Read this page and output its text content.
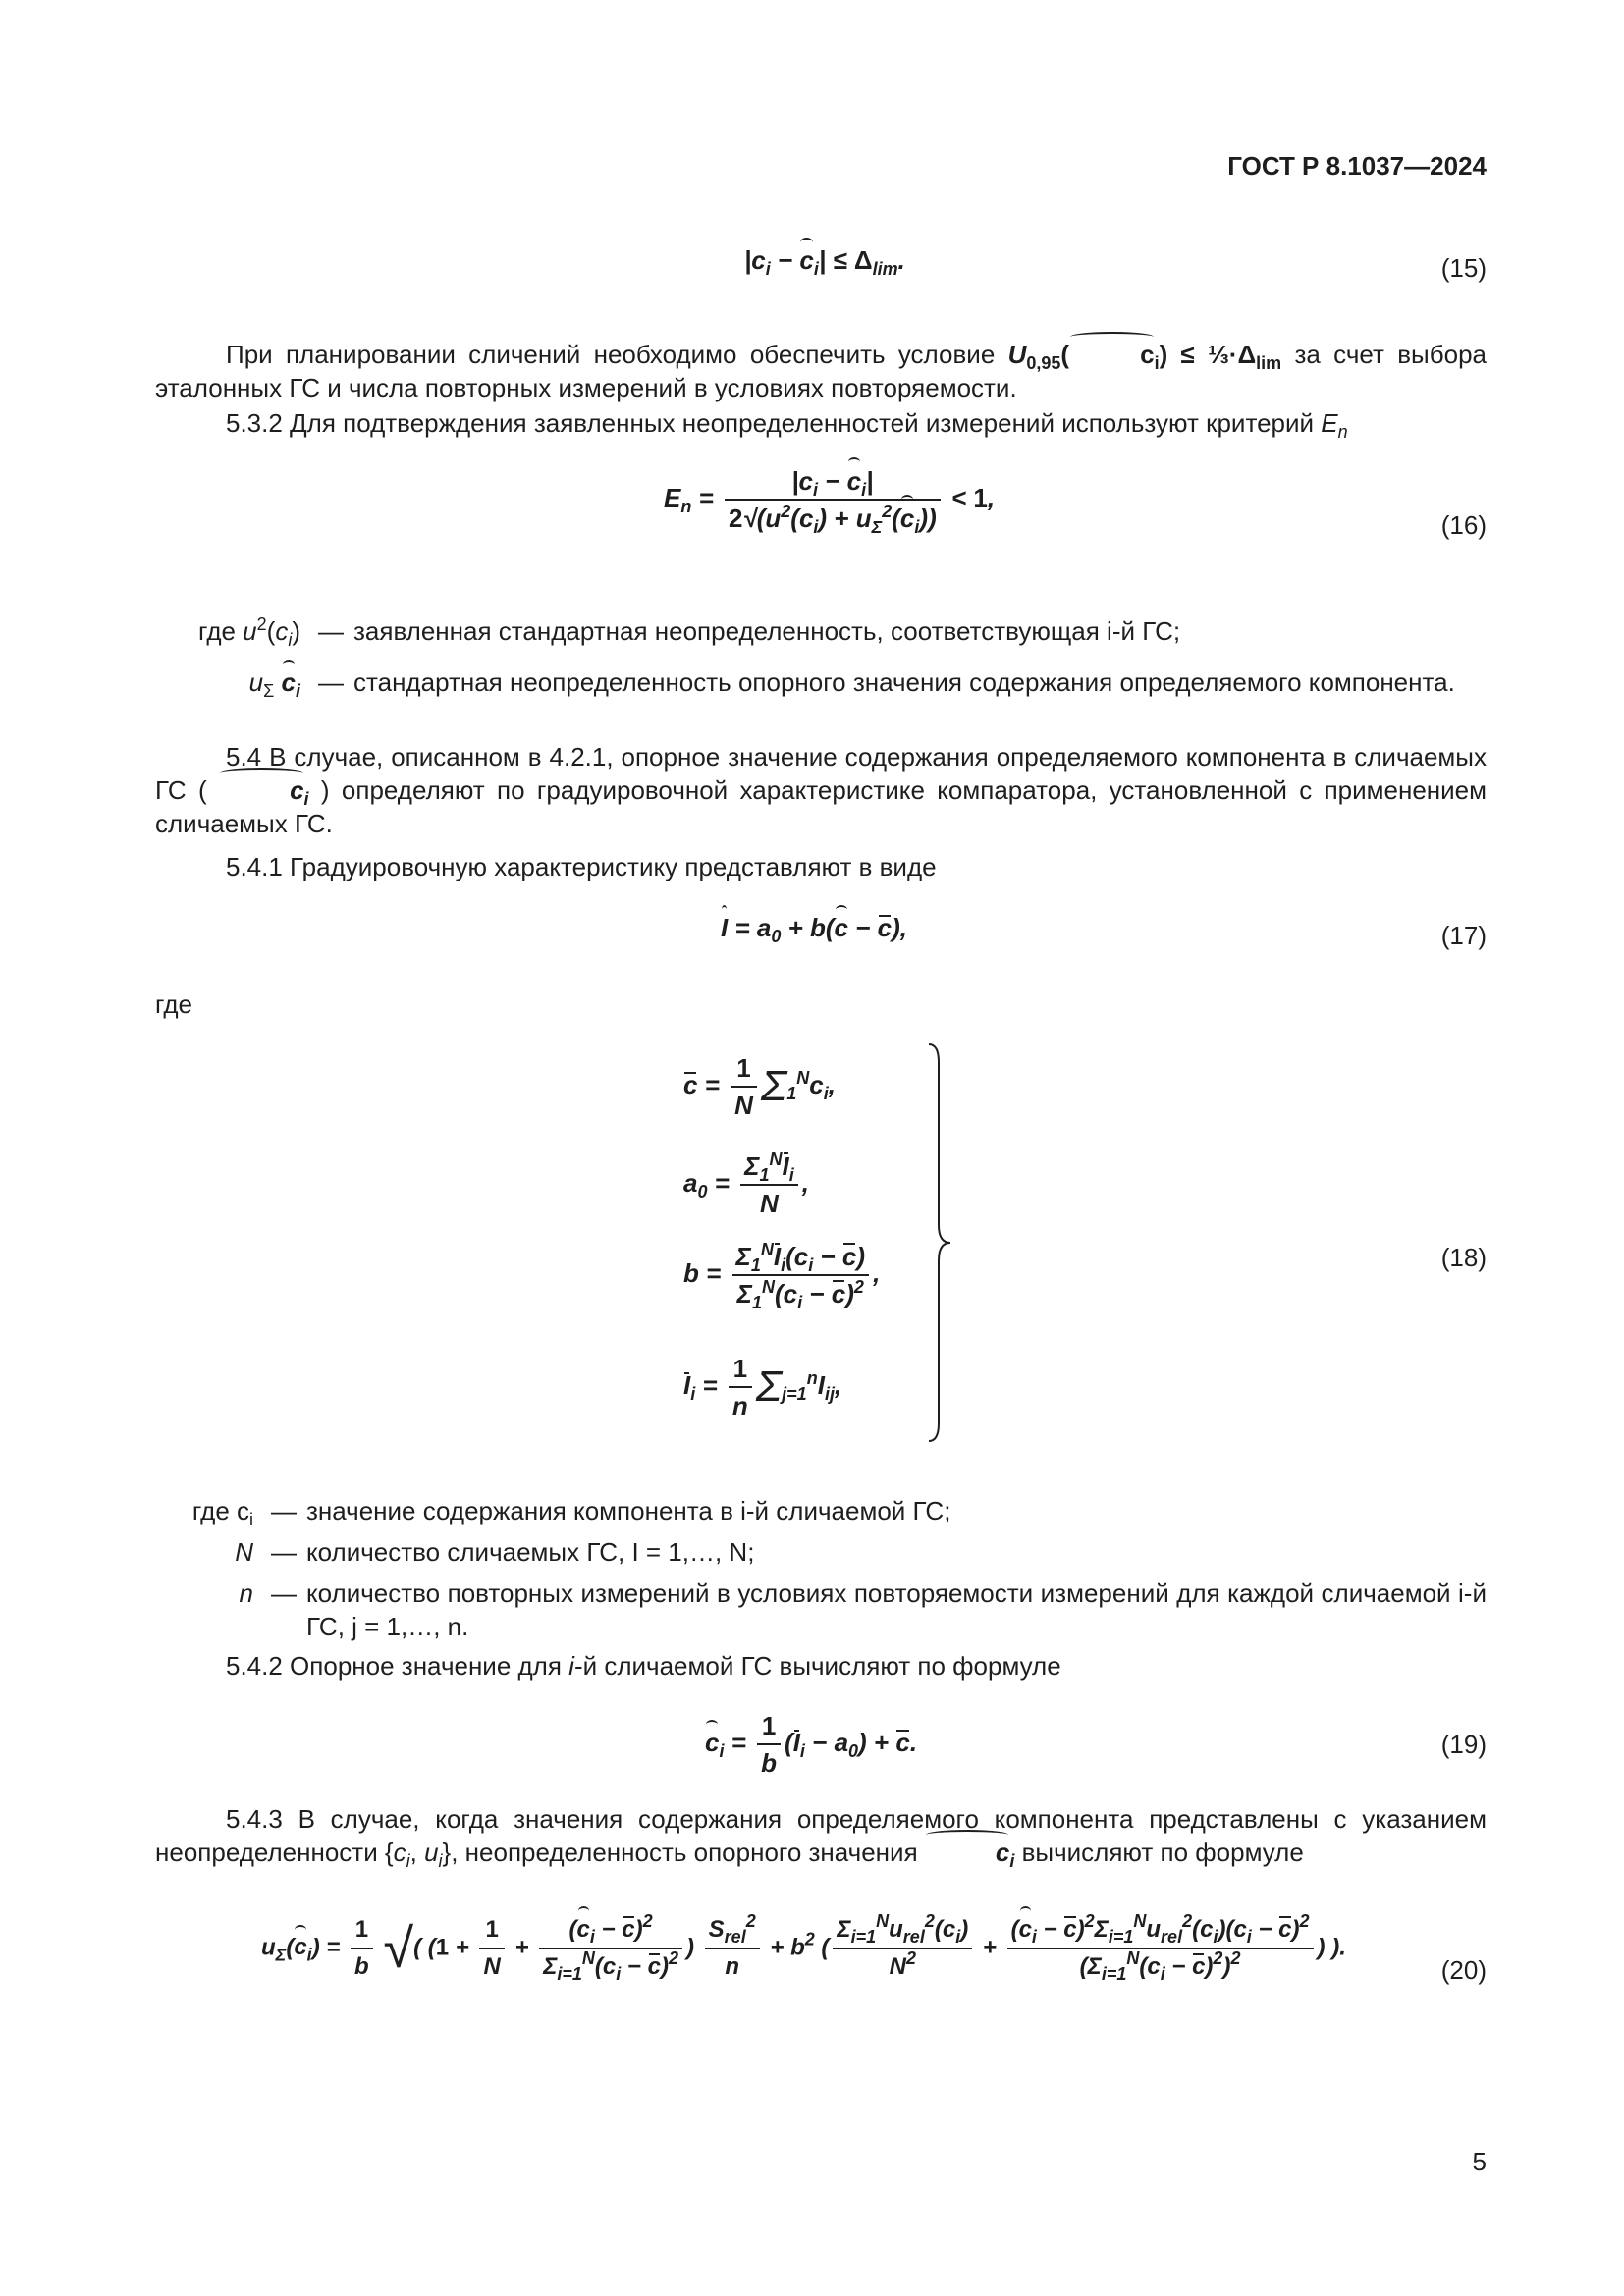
ГОСТ Р 8.1037—2024
$|c_i - c_i| \le \Delta_{lim}$.	(15)
При планировании сличений необходимо обеспечить условие $U_{0,95}$(	$c_i$) ≤ $\frac{1}{3}\cdot\Delta_{lim}$ за счет выбора эталонных ГС и числа повторных измерений в условиях повторяемости.
5.3.2 Для подтверждения заявленных неопределенностей измерений используют критерий $E_n$
$E_n = \frac{|c_i - c_i|}{2√(u^2(c_i) + u_\Sigma^2(c_i))} < 1$,
(16)
где $u^2(c_i)$ — заявленная стандартная неопределенность, соответствующая i-й ГС;
$u_\Sigma$ $c_i$ — стандартная неопределенность опорного значения содержания определяемого компонента.
5.4 В случае, описанном в 4.2.1, опорное значение содержания определяемого компонента в сличаемых ГС (	$c_i$ ) определяют по градуировочной характеристике компаратора, установленной с применением сличаемых ГС.
5.4.1 Градуировочную характеристику представляют в виде
$I = a_0 + b(c - c)$,	(17)
где
$c = \frac{1}{N} \Sigma_1^Nc_i$,
$a_0 = \frac{\Sigma_1^NI_i}{N}$ ,
$b = \frac{\Sigma_1^NI_i(c_i - c)}{\Sigma_1^N(c_i - c)^2}$ ,
$I_i = \frac{1}{n} \Sigma_{j=1}^nI_{ij}$,
(18)
где $c_i$ — значение содержания компонента в i-й сличаемой ГС;
N — количество сличаемых ГС, I = 1,…, N;
n — количество повторных измерений в условиях повторяемости измерений для каждой сличаемой i-й ГС, j = 1,…, n.
5.4.2 Опорное значение для i-й сличаемой ГС вычисляют по формуле
$c_i = \frac{1}{b} (I_i - a_0) + c$.	(19)
5.4.3 В случае, когда значения содержания определяемого компонента представлены с указанием неопределенности {$c_i$, $u_i$}, неопределенность опорного значения	$c_i$ вычисляют по формуле
$u_\Sigma(c_i) = \frac{1}{b}$ √( ($1 + \frac{1}{N} + \frac{(c_i - c)^2}{\Sigma_{i=1}^N(c_i - c)^2}$ ) $\frac{S_{rel}^2}{n} + b^2$ ( $\frac{\Sigma_{i=1}^Nu_{rel}^2(c_i)}{N^2} + \frac{(c_i - c)^2\Sigma_{i=1}^Nu_{rel}^2(c_i)(c_i - c)^2}{(\Sigma_{i=1}^N(c_i - c)^2)^2}$ ) ).
(20)
5
